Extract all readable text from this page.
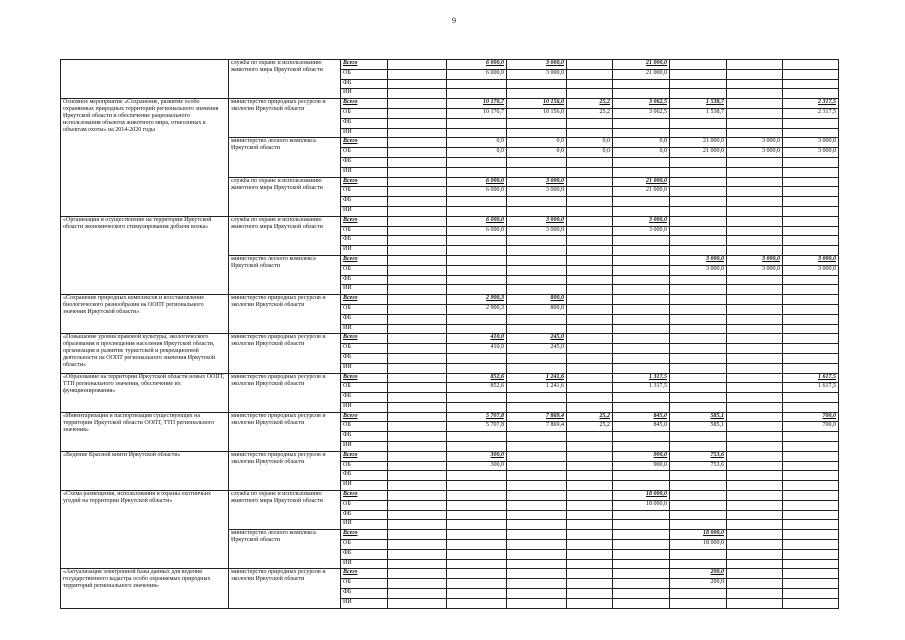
9
	служба по охране и использованию животного мира Иркутской области	Всего		6 000,0	3 000,0		21 000,0			
		ОБ		6 000,0	3 000,0		21 000,0			
		ФБ								
		ИИ								
Основное мероприятие «Сохранение, развитие особо охраняемых природных территорий регионального значения Иркутской области и обеспечение рационального использования объектов животного мира, отнесенных к объектам охоты» на 2014-2020 годы	министерство природных ресурсов и экологии Иркутской области	Всего		10 170,7	10 156,0	25,2	3 062,5	1 538,7		2 317,5
		ОБ		10 170,7	10 156,0	25,2	3 062,5	1 538,7		2 317,5
		ФБ								
		ИИ								
	министерство лесного комплекса Иркутской области	Всего		0,0	0,0	0,0	0,0	21 000,0	3 000,0	3 000,0
		ОБ		0,0	0,0	0,0	0,0	21 000,0	3 000,0	3 000,0
		ФБ								
		ИИ								
	служба по охране и использованию животного мира Иркутской области	Всего		6 000,0	3 000,0		21 000,0			
		ОБ		6 000,0	3 000,0		21 000,0			
		ФБ								
		ИИ								
«Организация и осуществление на территории Иркутской области экономического стимулирования добычи волка»	служба по охране и использованию животного мира Иркутской области	Всего		6 000,0	3 000,0		3 000,0			
		ОБ		6 000,0	3 000,0		3 000,0			
		ФБ								
		ИИ								
	министерство лесного комплекса Иркутской области	Всего						3 000,0	3 000,0	3 000,0
		ОБ						3 000,0	3 000,0	3 000,0
		ФБ								
		ИИ								
«Сохранение природных комплексов и восстановление биологического разнообразия на ООПТ регионального значения Иркутской области»	министерство природных ресурсов и экологии Иркутской области	Всего		2 900,3	800,0					
		ОБ		2 900,3	800,0					
		ФБ								
		ИИ								
«Повышение уровня правовой культуры, экологического образования и просвещения населения Иркутской области, организация и развитие туристской и рекреационной деятельности на ООПТ регионального значения Иркутской области»	министерство природных ресурсов и экологии Иркутской области	Всего		410,0	245,0					
		ОБ		410,0	245,0					
		ФБ								
		ИИ								
«Образование на территории Иркутской области новых ООПТ, ТТП регионального значения, обеспечение их функционирования»	министерство природных ресурсов и экологии Иркутской области	Всего		852,6	1 241,6		1 317,5			1 617,5
		ОБ		852,6	1 241,6		1 317,5			1 617,5
		ФБ								
		ИИ								
«Инвентаризация и паспортизация существующих на территории Иркутской области ООПТ, ТТП регионального значения»	министерство природных ресурсов и экологии Иркутской области	Всего		5 707,8	7 869,4	25,2	845,0	585,1		700,0
		ОБ		5 707,8	7 869,4	25,2	845,0	585,1		700,0
		ФБ								
		ИИ								
«Ведение Красной книги Иркутской области»	министерство природных ресурсов и экологии Иркутской области	Всего		300,0			900,0	753,6		
		ОБ		300,0			900,0	753,6		
		ФБ								
		ИИ								
«Схема размещения, использования и охраны охотничьих угодий на территории Иркутской области»	служба по охране и использованию животного мира Иркутской области	Всего					18 000,0			
		ОБ					18 000,0			
		ФБ								
		ИИ								
	министерство лесного комплекса Иркутской области	Всего						18 000,0		
		ОБ						18 000,0		
		ФБ								
		ИИ								
«Актуализация электронной базы данных для ведения государственного кадастра особо охраняемых природных территорий регионального значения»	министерство природных ресурсов и экологии Иркутской области	Всего						200,0		
		ОБ						200,0		
		ФБ								
		ИИ								
